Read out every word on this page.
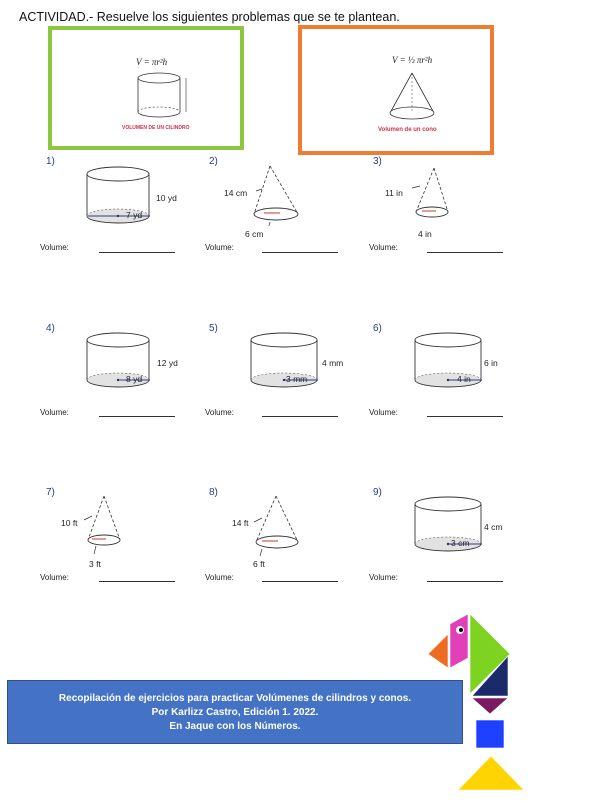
ACTIVIDAD.- Resuelve los siguientes problemas que se te plantean.
V = πr²h
VOLUMEN DE UN CILINDRO
V = ⅓ πr²h
Volumen de un cono
1)
10 yd
7 yd
Volume:
2)
14 cm
6 cm
Volume:
3)
11 in
4 in
Volume:
4)
12 yd
8 yd
Volume:
5)
4 mm
3 mm
Volume:
6)
6 in
4 in
Volume:
7)
10 ft
3 ft
Volume:
8)
14 ft
6 ft
Volume:
9)
4 cm
3 cm
Volume:
Recopilación de ejercicios para practicar Volúmenes de cilindros y conos.
Por Karlizz Castro, Edición 1. 2022.
En Jaque con los Números.
